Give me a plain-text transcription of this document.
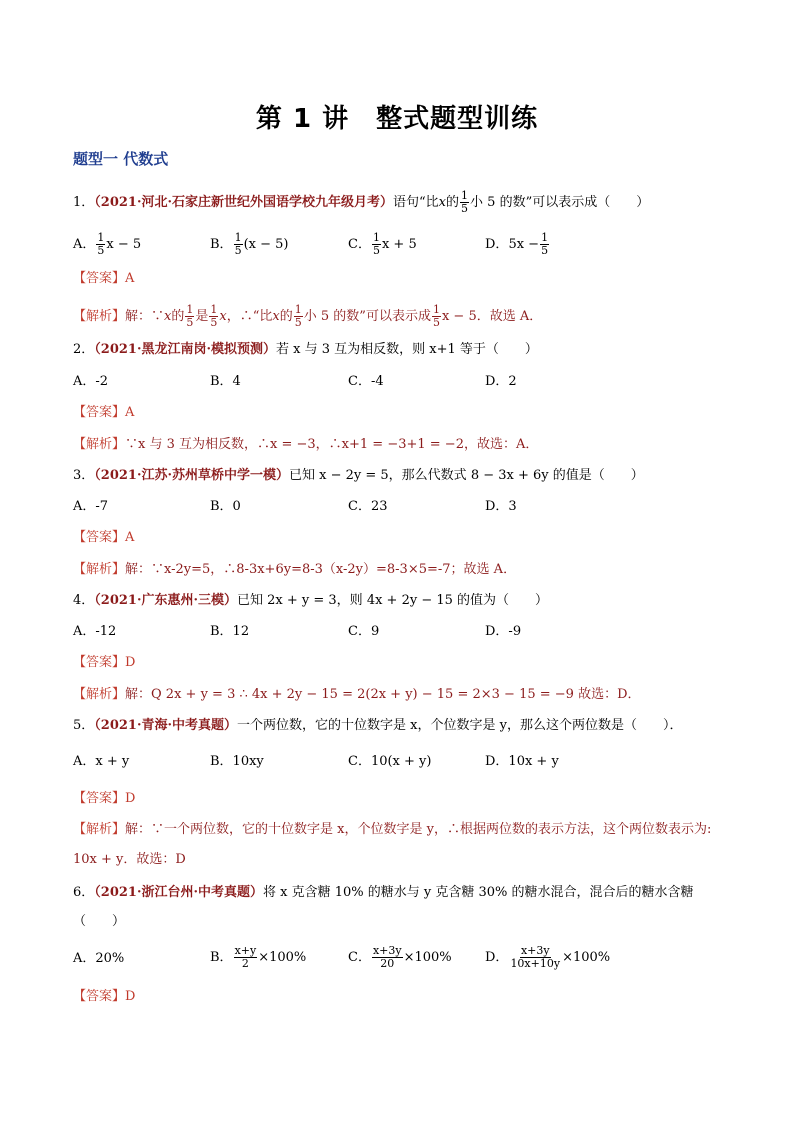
第 1 讲　整式题型训练
题型一 代数式
1．（2021·河北·石家庄新世纪外国语学校九年级月考）语句“比x的 $\frac{1}{5}$ 小 5 的数”可以表示成（　　）
A． $\frac{1}{5}$ x − 5	B． $\frac{1}{5} (x - 5)$	C． $\frac{1}{5}$ x + 5	D．$5x - \frac{1}{5}$
【答案】A
【解析】解：∵x的 $\frac{1}{5}$ 是 $\frac{1}{5}$ x，∴“比x的 $\frac{1}{5}$ 小 5 的数”可以表示成 $\frac{1}{5}$ x − 5．故选 A．
2．（2021·黑龙江南岗·模拟预测）若 x 与 3 互为相反数，则 x+1 等于（　　）
A．-2	B．4	C．-4	D．2
【答案】A
【解析】∵x 与 3 互为相反数，∴x = −3，∴x+1 = −3+1 = −2，故选：A．
3．（2021·江苏·苏州草桥中学一模）已知 x − 2y = 5，那么代数式 8 − 3x + 6y 的值是（　　）
A．-7	B．0	C．23	D．3
【答案】A
【解析】解：∵x-2y=5，∴8-3x+6y=8-3（x-2y）=8-3×5=-7；故选 A．
4．（2021·广东惠州·三模）已知 2x + y = 3，则 4x + 2y − 15 的值为（　　）
A．-12	B．12	C．9	D．-9
【答案】D
【解析】解：Q 2x + y = 3 ∴ 4x + 2y − 15 = 2(2x + y) − 15 = 2×3 − 15 = −9 故选：D．
5．（2021·青海·中考真题）一个两位数，它的十位数字是 x，个位数字是 y，那么这个两位数是（　　）．
A．x + y	B．10xy	C．10(x + y)	D．10x + y
【答案】D
【解析】解：∵一个两位数，它的十位数字是 x，个位数字是 y，∴根据两位数的表示方法，这个两位数表示为:
10x + y．故选：D
6．（2021·浙江台州·中考真题）将 x 克含糖 10% 的糖水与 y 克含糖 30% 的糖水混合，混合后的糖水含糖
（　　）
A．20%	B． $\frac{x+y}{2} \times 100\%$	C． $\frac{x+3y}{20} \times 100\%$	D． $\frac{x+3y}{10x+10y} \times 100\%$
【答案】D
